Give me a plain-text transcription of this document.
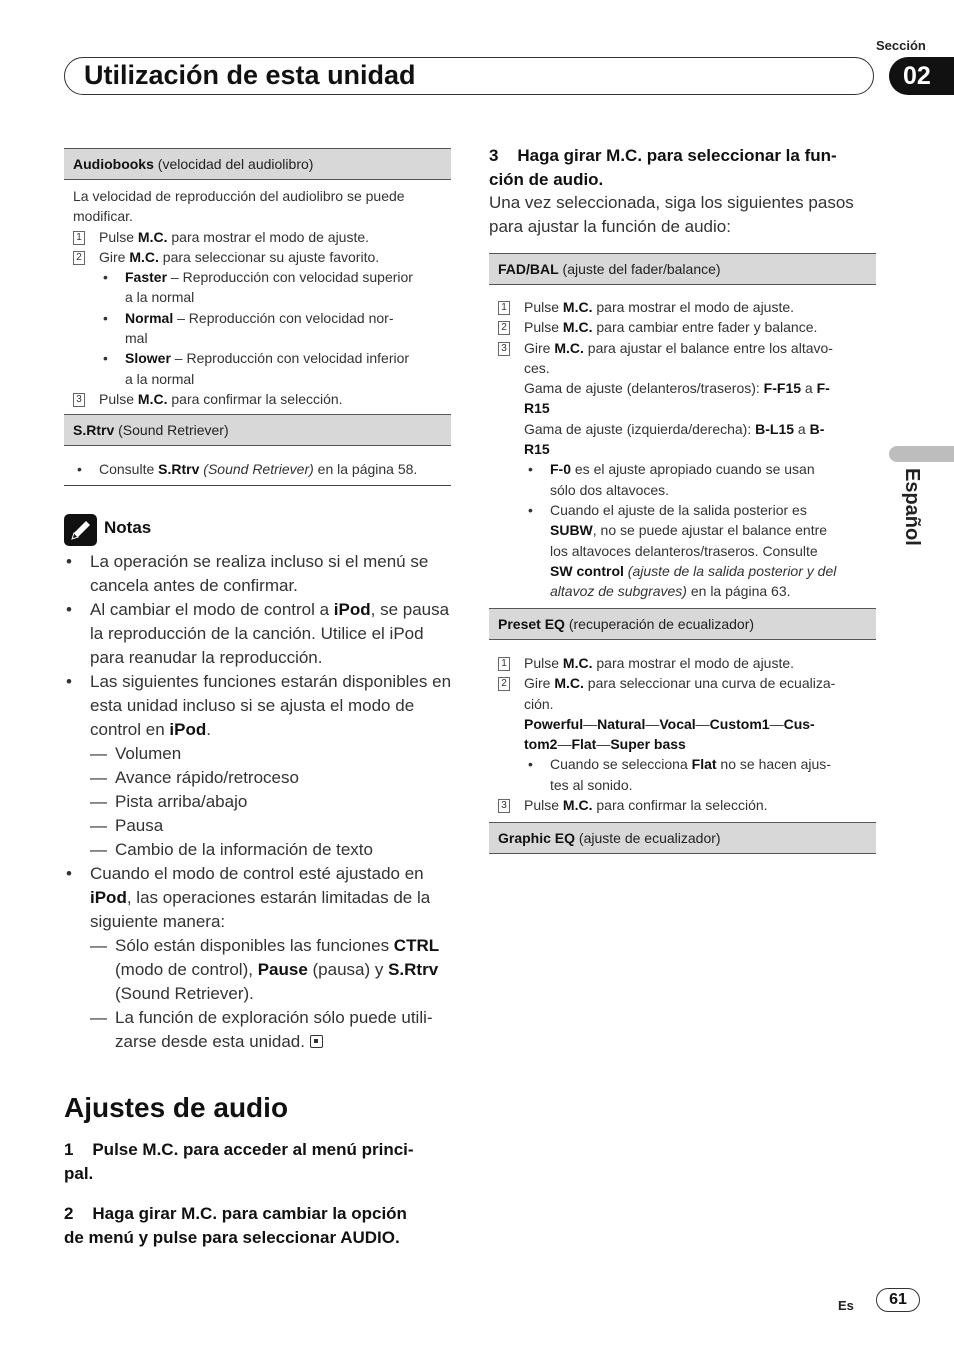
Sección
Utilización de esta unidad	02
Español
Audiobooks (velocidad del audiolibro)
La velocidad de reproducción del audiolibro se puede modificar.
1 Pulse M.C. para mostrar el modo de ajuste.
2 Gire M.C. para seleccionar su ajuste favorito.
• Faster – Reproducción con velocidad superior
a la normal
• Normal – Reproducción con velocidad nor-
mal
• Slower – Reproducción con velocidad inferior
a la normal
3 Pulse M.C. para confirmar la selección.
S.Rtrv (Sound Retriever)
• Consulte S.Rtrv (Sound Retriever) en la página 58.
Notas
• La operación se realiza incluso si el menú se cancela antes de confirmar.
• Al cambiar el modo de control a iPod, se pausa la reproducción de la canción. Utilice el iPod para reanudar la reproducción.
• Las siguientes funciones estarán disponibles en esta unidad incluso si se ajusta el modo de control en iPod.
— Volumen
— Avance rápido/retroceso
— Pista arriba/abajo
— Pausa
— Cambio de la información de texto
• Cuando el modo de control esté ajustado en iPod, las operaciones estarán limitadas de la siguiente manera:
— Sólo están disponibles las funciones CTRL (modo de control), Pause (pausa) y S.Rtrv (Sound Retriever).
— La función de exploración sólo puede utili-
zarse desde esta unidad.
Ajustes de audio
1    Pulse M.C. para acceder al menú princi-
pal.
2    Haga girar M.C. para cambiar la opción
de menú y pulse para seleccionar AUDIO.
3    Haga girar M.C. para seleccionar la fun-
ción de audio.
Una vez seleccionada, siga los siguientes pasos para ajustar la función de audio:
FAD/BAL (ajuste del fader/balance)
1 Pulse M.C. para mostrar el modo de ajuste.
2 Pulse M.C. para cambiar entre fader y balance.
3 Gire M.C. para ajustar el balance entre los altavo-
ces.
Gama de ajuste (delanteros/traseros): F-F15 a F-
R15
Gama de ajuste (izquierda/derecha): B-L15 a B-
R15
• F-0 es el ajuste apropiado cuando se usan
sólo dos altavoces.
• Cuando el ajuste de la salida posterior es
SUBW, no se puede ajustar el balance entre
los altavoces delanteros/traseros. Consulte
SW control (ajuste de la salida posterior y del
altavoz de subgraves) en la página 63.
Preset EQ (recuperación de ecualizador)
1 Pulse M.C. para mostrar el modo de ajuste.
2 Gire M.C. para seleccionar una curva de ecualiza-
ción.
Powerful—Natural—Vocal—Custom1—Cus-
tom2—Flat—Super bass
• Cuando se selecciona Flat no se hacen ajus-
tes al sonido.
3 Pulse M.C. para confirmar la selección.
Graphic EQ (ajuste de ecualizador)
Es	61
